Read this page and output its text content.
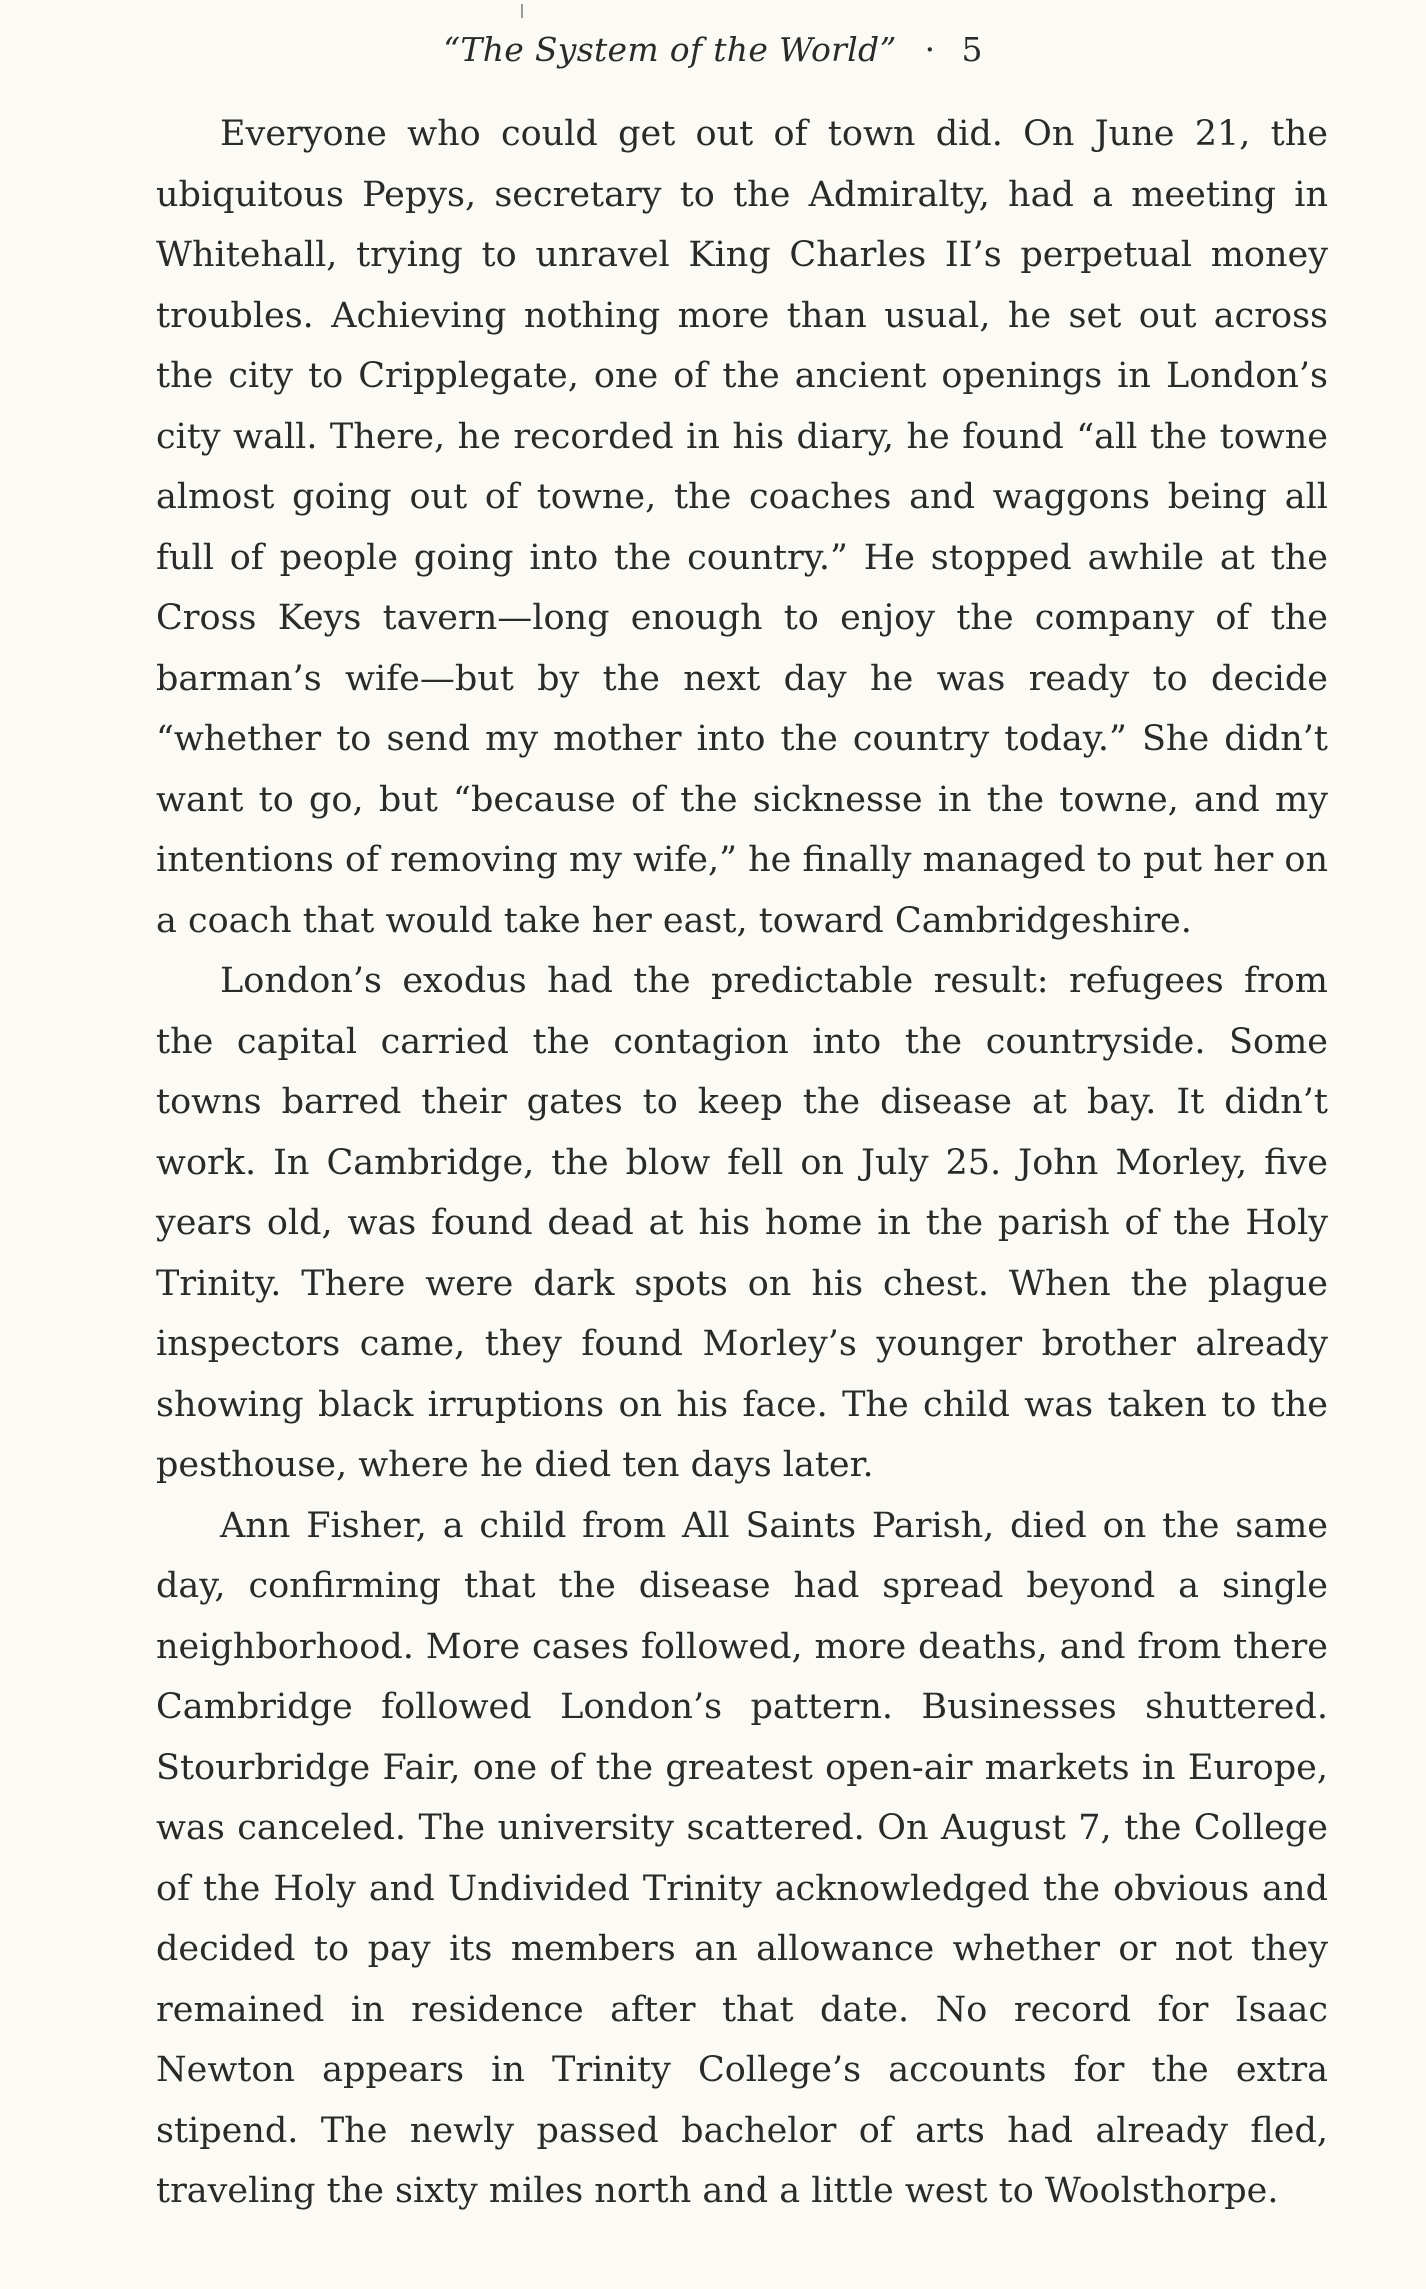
“The System of the World” · 5

Everyone who could get out of town did. On June 21, the ubiquitous Pepys, secretary to the Admiralty, had a meeting in Whitehall, trying to unravel King Charles II’s perpetual money troubles. Achieving nothing more than usual, he set out across the city to Cripplegate, one of the ancient openings in London’s city wall. There, he recorded in his diary, he found “all the towne almost going out of towne, the coaches and waggons being all full of people going into the country.” He stopped awhile at the Cross Keys tavern—long enough to enjoy the company of the barman’s wife—but by the next day he was ready to decide “whether to send my mother into the country today.” She didn’t want to go, but “because of the sicknesse in the towne, and my intentions of removing my wife,” he finally managed to put her on a coach that would take her east, toward Cambridgeshire.

London’s exodus had the predictable result: refugees from the capital carried the contagion into the countryside. Some towns barred their gates to keep the disease at bay. It didn’t work. In Cambridge, the blow fell on July 25. John Morley, five years old, was found dead at his home in the parish of the Holy Trinity. There were dark spots on his chest. When the plague inspectors came, they found Morley’s younger brother already showing black irruptions on his face. The child was taken to the pesthouse, where he died ten days later.

Ann Fisher, a child from All Saints Parish, died on the same day, confirming that the disease had spread beyond a single neighborhood. More cases followed, more deaths, and from there Cambridge followed London’s pattern. Businesses shuttered. Stourbridge Fair, one of the greatest open-air markets in Europe, was canceled. The university scattered. On August 7, the College of the Holy and Undivided Trinity acknowledged the obvious and decided to pay its members an allowance whether or not they remained in residence after that date. No record for Isaac Newton appears in Trinity College’s accounts for the extra stipend. The newly passed bachelor of arts had already fled, traveling the sixty miles north and a little west to Woolsthorpe.
